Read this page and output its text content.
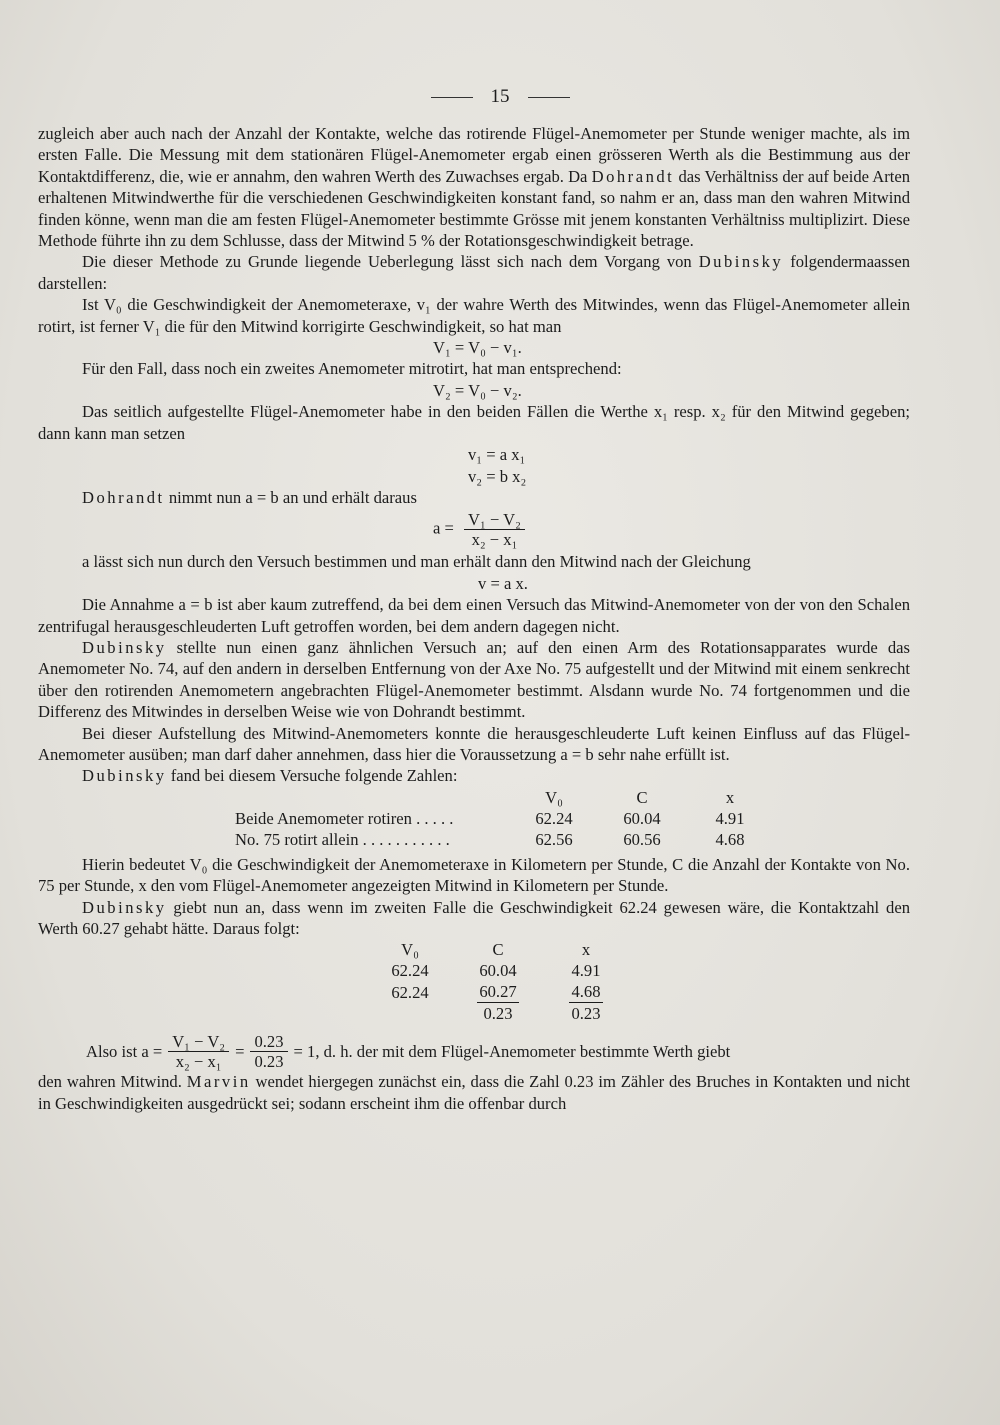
15

zugleich aber auch nach der Anzahl der Kontakte, welche das rotirende Flügel-Anemometer per Stunde weniger machte, als im ersten Falle. Die Messung mit dem stationären Flügel-Anemometer ergab einen grösseren Werth als die Bestimmung aus der Kontaktdifferenz, die, wie er annahm, den wahren Werth des Zuwachses ergab. Da Dohrandt das Verhältniss der auf beide Arten erhaltenen Mitwindwerthe für die verschiedenen Geschwindigkeiten konstant fand, so nahm er an, dass man den wahren Mitwind finden könne, wenn man die am festen Flügel-Anemometer bestimmte Grösse mit jenem konstanten Verhältniss multiplizirt. Diese Methode führte ihn zu dem Schlusse, dass der Mitwind 5 % der Rotationsgeschwindigkeit betrage.

Die dieser Methode zu Grunde liegende Ueberlegung lässt sich nach dem Vorgang von Dubinsky folgendermaassen darstellen:

Ist V₀ die Geschwindigkeit der Anemometeraxe, v₁ der wahre Werth des Mitwindes, wenn das Flügel-Anemometer allein rotirt, ist ferner V₁ die für den Mitwind korrigirte Geschwindigkeit, so hat man

V₁ = V₀ − v₁.

Für den Fall, dass noch ein zweites Anemometer mitrotirt, hat man entsprechend:

V₂ = V₀ − v₂.

Das seitlich aufgestellte Flügel-Anemometer habe in den beiden Fällen die Werthe x₁ resp. x₂ für den Mitwind gegeben; dann kann man setzen

v₁ = a x₁

v₂ = b x₂

Dohrandt nimmt nun a = b an und erhält daraus

$a = \frac{\text{V₁ − V₂}}{\text{x₂ − x₁}}$

a lässt sich nun durch den Versuch bestimmen und man erhält dann den Mitwind nach der Gleichung

v = a x.

Die Annahme a = b ist aber kaum zutreffend, da bei dem einen Versuch das Mitwind-Anemometer von der von den Schalen zentrifugal herausgeschleuderten Luft getroffen worden, bei dem andern dagegen nicht.

Dubinsky stellte nun einen ganz ähnlichen Versuch an; auf den einen Arm des Rotationsapparates wurde das Anemometer No. 74, auf den andern in derselben Entfernung von der Axe No. 75 aufgestellt und der Mitwind mit einem senkrecht über den rotirenden Anemometern angebrachten Flügel-Anemometer bestimmt. Alsdann wurde No. 74 fortgenommen und die Differenz des Mitwindes in derselben Weise wie von Dohrandt bestimmt.

Bei dieser Aufstellung des Mitwind-Anemometers konnte die herausgeschleuderte Luft keinen Einfluss auf das Flügel-Anemometer ausüben; man darf daher annehmen, dass hier die Voraussetzung a = b sehr nahe erfüllt ist.

Dubinsky fand bei diesem Versuche folgende Zahlen:

	V₀	C	x
Beide Anemometer rotiren . . . . .	62.24	60.04	4.91
No. 75 rotirt allein . . . . . . . . . . .	62.56	60.56	4.68

Hierin bedeutet V₀ die Geschwindigkeit der Anemometeraxe in Kilometern per Stunde, C die Anzahl der Kontakte von No. 75 per Stunde, x den vom Flügel-Anemometer angezeigten Mitwind in Kilometern per Stunde.

Dubinsky giebt nun an, dass wenn im zweiten Falle die Geschwindigkeit 62.24 gewesen wäre, die Kontaktzahl den Werth 60.27 gehabt hätte. Daraus folgt:

V₀	C	x
62.24	60.04	4.91
62.24	60.27	4.68
	0.23	0.23
Also ist $a = \frac{\text{V₁ − V₂}}{\text{x₂ − x₁}} = \frac{0.23}{0.23} = 1$, d. h. der mit dem Flügel-Anemometer bestimmte Werth giebt

den wahren Mitwind. Marvin wendet hiergegen zunächst ein, dass die Zahl 0.23 im Zähler des Bruches in Kontakten und nicht in Geschwindigkeiten ausgedrückt sei; sodann erscheint ihm die offenbar durch
